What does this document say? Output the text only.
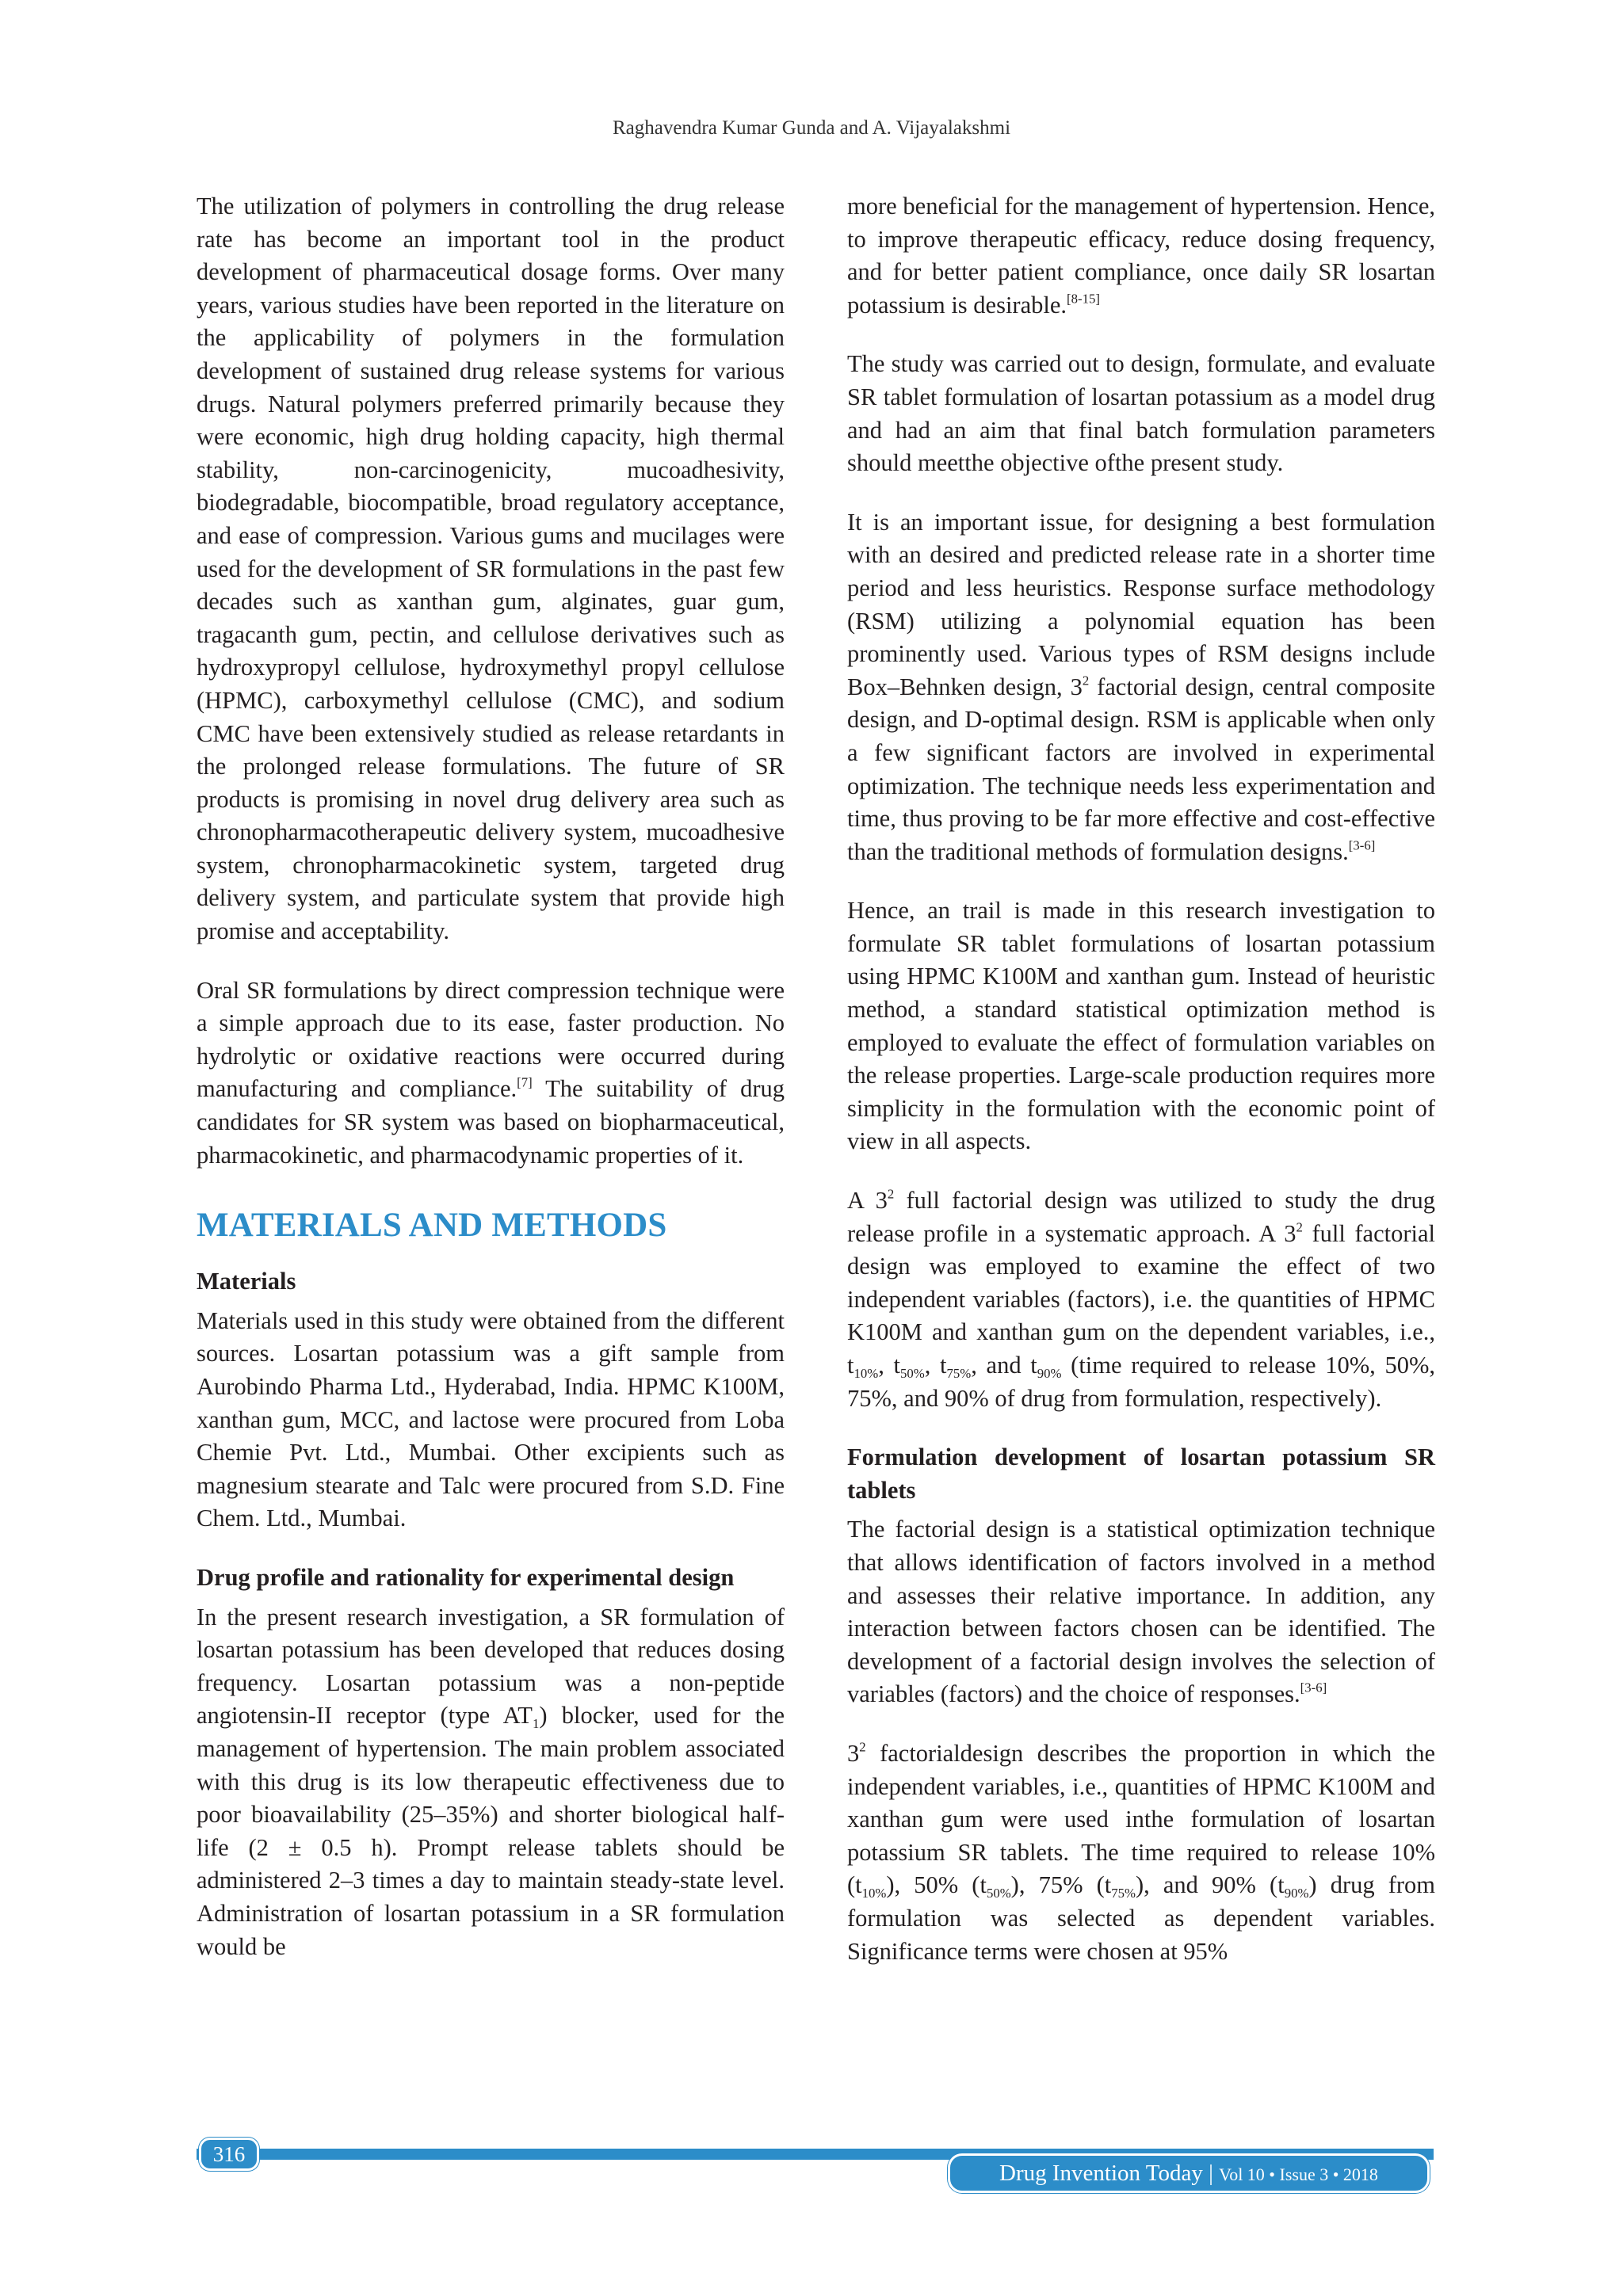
Raghavendra Kumar Gunda and A. Vijayalakshmi

The utilization of polymers in controlling the drug release rate has become an important tool in the product development of pharmaceutical dosage forms. Over many years, various studies have been reported in the literature on the applicability of polymers in the formulation development of sustained drug release systems for various drugs. Natural polymers preferred primarily because they were economic, high drug holding capacity, high thermal stability, non-carcinogenicity, mucoadhesivity, biodegradable, biocompatible, broad regulatory acceptance, and ease of compression. Various gums and mucilages were used for the development of SR formulations in the past few decades such as xanthan gum, alginates, guar gum, tragacanth gum, pectin, and cellulose derivatives such as hydroxypropyl cellulose, hydroxymethyl propyl cellulose (HPMC), carboxymethyl cellulose (CMC), and sodium CMC have been extensively studied as release retardants in the prolonged release formulations. The future of SR products is promising in novel drug delivery area such as chronopharmacotherapeutic delivery system, mucoadhesive system, chronopharmacokinetic system, targeted drug delivery system, and particulate system that provide high promise and acceptability.

Oral SR formulations by direct compression technique were a simple approach due to its ease, faster production. No hydrolytic or oxidative reactions were occurred during manufacturing and compliance.[7] The suitability of drug candidates for SR system was based on biopharmaceutical, pharmacokinetic, and pharmacodynamic properties of it.

MATERIALS AND METHODS
Materials

Materials used in this study were obtained from the different sources. Losartan potassium was a gift sample from Aurobindo Pharma Ltd., Hyderabad, India. HPMC K100M, xanthan gum, MCC, and lactose were procured from Loba Chemie Pvt. Ltd., Mumbai. Other excipients such as magnesium stearate and Talc were procured from S.D. Fine Chem. Ltd., Mumbai.

Drug profile and rationality for experimental design

In the present research investigation, a SR formulation of losartan potassium has been developed that reduces dosing frequency. Losartan potassium was a non-peptide angiotensin-II receptor (type $AT_1$) blocker, used for the management of hypertension. The main problem associated with this drug is its low therapeutic effectiveness due to poor bioavailability (25–35%) and shorter biological half-life (2 ± 0.5 h). Prompt release tablets should be administered 2–3 times a day to maintain steady-state level. Administration of losartan potassium in a SR formulation would be

more beneficial for the management of hypertension. Hence, to improve therapeutic efficacy, reduce dosing frequency, and for better patient compliance, once daily SR losartan potassium is desirable.[8-15]

The study was carried out to design, formulate, and evaluate SR tablet formulation of losartan potassium as a model drug and had an aim that final batch formulation parameters should meetthe objective ofthe present study.

It is an important issue, for designing a best formulation with an desired and predicted release rate in a shorter time period and less heuristics. Response surface methodology (RSM) utilizing a polynomial equation has been prominently used. Various types of RSM designs include Box–Behnken design, $3^2$ factorial design, central composite design, and D-optimal design. RSM is applicable when only a few significant factors are involved in experimental optimization. The technique needs less experimentation and time, thus proving to be far more effective and cost-effective than the traditional methods of formulation designs.[3-6]

Hence, an trail is made in this research investigation to formulate SR tablet formulations of losartan potassium using HPMC K100M and xanthan gum. Instead of heuristic method, a standard statistical optimization method is employed to evaluate the effect of formulation variables on the release properties. Large-scale production requires more simplicity in the formulation with the economic point of view in all aspects.

A $3^2$ full factorial design was utilized to study the drug release profile in a systematic approach. A $3^2$ full factorial design was employed to examine the effect of two independent variables (factors), i.e. the quantities of HPMC K100M and xanthan gum on the dependent variables, i.e., $t_{10\%}$, $t_{50\%}$, $t_{75\%}$, and $t_{90\%}$ (time required to release 10%, 50%, 75%, and 90% of drug from formulation, respectively).

Formulation development of losartan potassium SR tablets

The factorial design is a statistical optimization technique that allows identification of factors involved in a method and assesses their relative importance. In addition, any interaction between factors chosen can be identified. The development of a factorial design involves the selection of variables (factors) and the choice of responses.[3-6]

$3^2$ factorialdesign describes the proportion in which the independent variables, i.e., quantities of HPMC K100M and xanthan gum were used inthe formulation of losartan potassium SR tablets. The time required to release 10% $(t_{10\%})$, 50% $(t_{50\%})$, 75% $(t_{75\%})$, and 90% $(t_{90\%})$ drug from formulation was selected as dependent variables. Significance terms were chosen at 95%

316
Drug Invention Today | Vol 10 • Issue 3 • 2018
